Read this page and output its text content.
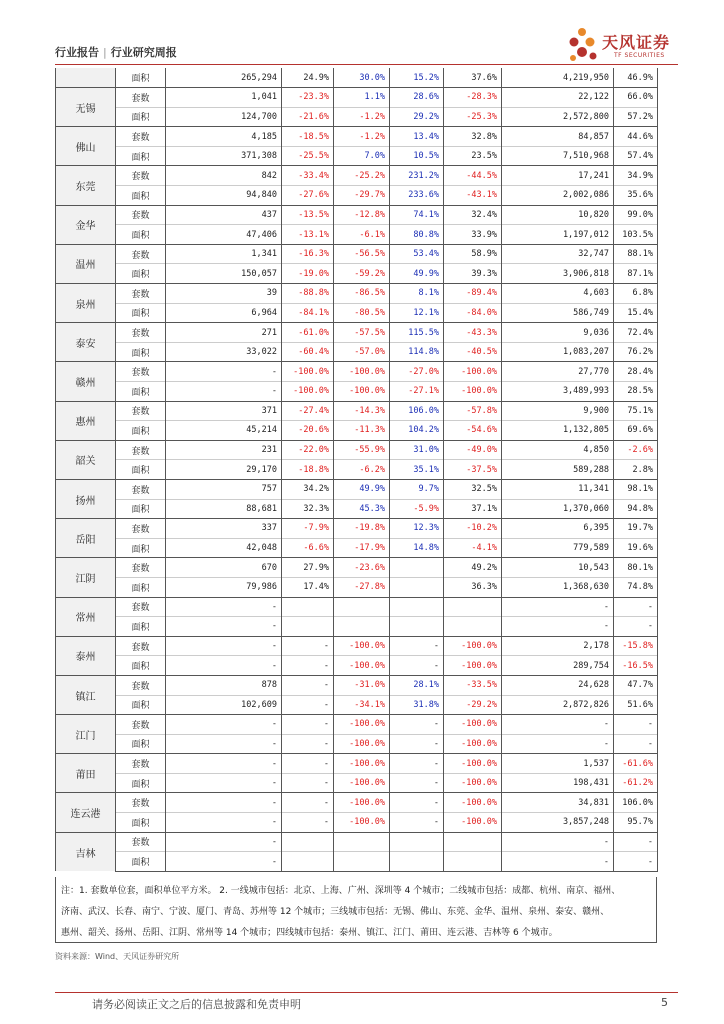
行业报告 | 行业研究周报
天风证券
TF SECURITIES
	面积	265,294	24.9%	30.0%	15.2%	37.6%	4,219,950	46.9%
无锡	套数	1,041	-23.3%	1.1%	28.6%	-28.3%	22,122	66.0%
	面积	124,700	-21.6%	-1.2%	29.2%	-25.3%	2,572,800	57.2%
佛山	套数	4,185	-18.5%	-1.2%	13.4%	32.8%	84,857	44.6%
	面积	371,308	-25.5%	7.0%	10.5%	23.5%	7,510,968	57.4%
东莞	套数	842	-33.4%	-25.2%	231.2%	-44.5%	17,241	34.9%
	面积	94,840	-27.6%	-29.7%	233.6%	-43.1%	2,002,086	35.6%
金华	套数	437	-13.5%	-12.8%	74.1%	32.4%	10,820	99.0%
	面积	47,406	-13.1%	-6.1%	80.8%	33.9%	1,197,012	103.5%
温州	套数	1,341	-16.3%	-56.5%	53.4%	58.9%	32,747	88.1%
	面积	150,057	-19.0%	-59.2%	49.9%	39.3%	3,906,818	87.1%
泉州	套数	39	-88.8%	-86.5%	8.1%	-89.4%	4,603	6.8%
	面积	6,964	-84.1%	-80.5%	12.1%	-84.0%	586,749	15.4%
泰安	套数	271	-61.0%	-57.5%	115.5%	-43.3%	9,036	72.4%
	面积	33,022	-60.4%	-57.0%	114.8%	-40.5%	1,083,207	76.2%
赣州	套数	-	-100.0%	-100.0%	-27.0%	-100.0%	27,770	28.4%
	面积	-	-100.0%	-100.0%	-27.1%	-100.0%	3,489,993	28.5%
惠州	套数	371	-27.4%	-14.3%	106.0%	-57.8%	9,900	75.1%
	面积	45,214	-20.6%	-11.3%	104.2%	-54.6%	1,132,805	69.6%
韶关	套数	231	-22.0%	-55.9%	31.0%	-49.0%	4,850	-2.6%
	面积	29,170	-18.8%	-6.2%	35.1%	-37.5%	589,288	2.8%
扬州	套数	757	34.2%	49.9%	9.7%	32.5%	11,341	98.1%
	面积	88,681	32.3%	45.3%	-5.9%	37.1%	1,370,060	94.8%
岳阳	套数	337	-7.9%	-19.8%	12.3%	-10.2%	6,395	19.7%
	面积	42,048	-6.6%	-17.9%	14.8%	-4.1%	779,589	19.6%
江阴	套数	670	27.9%	-23.6%		49.2%	10,543	80.1%
	面积	79,986	17.4%	-27.8%		36.3%	1,368,630	74.8%
常州	套数	-					-	-
	面积	-					-	-
泰州	套数	-	-	-100.0%	-	-100.0%	2,178	-15.8%
	面积	-	-	-100.0%	-	-100.0%	289,754	-16.5%
镇江	套数	878	-	-31.0%	28.1%	-33.5%	24,628	47.7%
	面积	102,609	-	-34.1%	31.8%	-29.2%	2,872,826	51.6%
江门	套数	-	-	-100.0%	-	-100.0%	-	-
	面积	-	-	-100.0%	-	-100.0%	-	-
莆田	套数	-	-	-100.0%	-	-100.0%	1,537	-61.6%
	面积	-	-	-100.0%	-	-100.0%	198,431	-61.2%
连云港	套数	-	-	-100.0%	-	-100.0%	34,831	106.0%
	面积	-	-	-100.0%	-	-100.0%	3,857,248	95.7%
吉林	套数	-					-	-
	面积	-					-	-
注：1. 套数单位套，面积单位平方米。 2. 一线城市包括：北京、上海、广州、深圳等 4 个城市；二线城市包括：成都、杭州、南京、福州、
济南、武汉、长春、南宁、宁波、厦门、青岛、苏州等 12 个城市；三线城市包括：无锡、佛山、东莞、金华、温州、泉州、泰安、赣州、
惠州、韶关、扬州、岳阳、江阴、常州等 14 个城市；四线城市包括：泰州、镇江、江门、莆田、连云港、吉林等 6 个城市。
资料来源：Wind、天风证券研究所
请务必阅读正文之后的信息披露和免责申明	5
